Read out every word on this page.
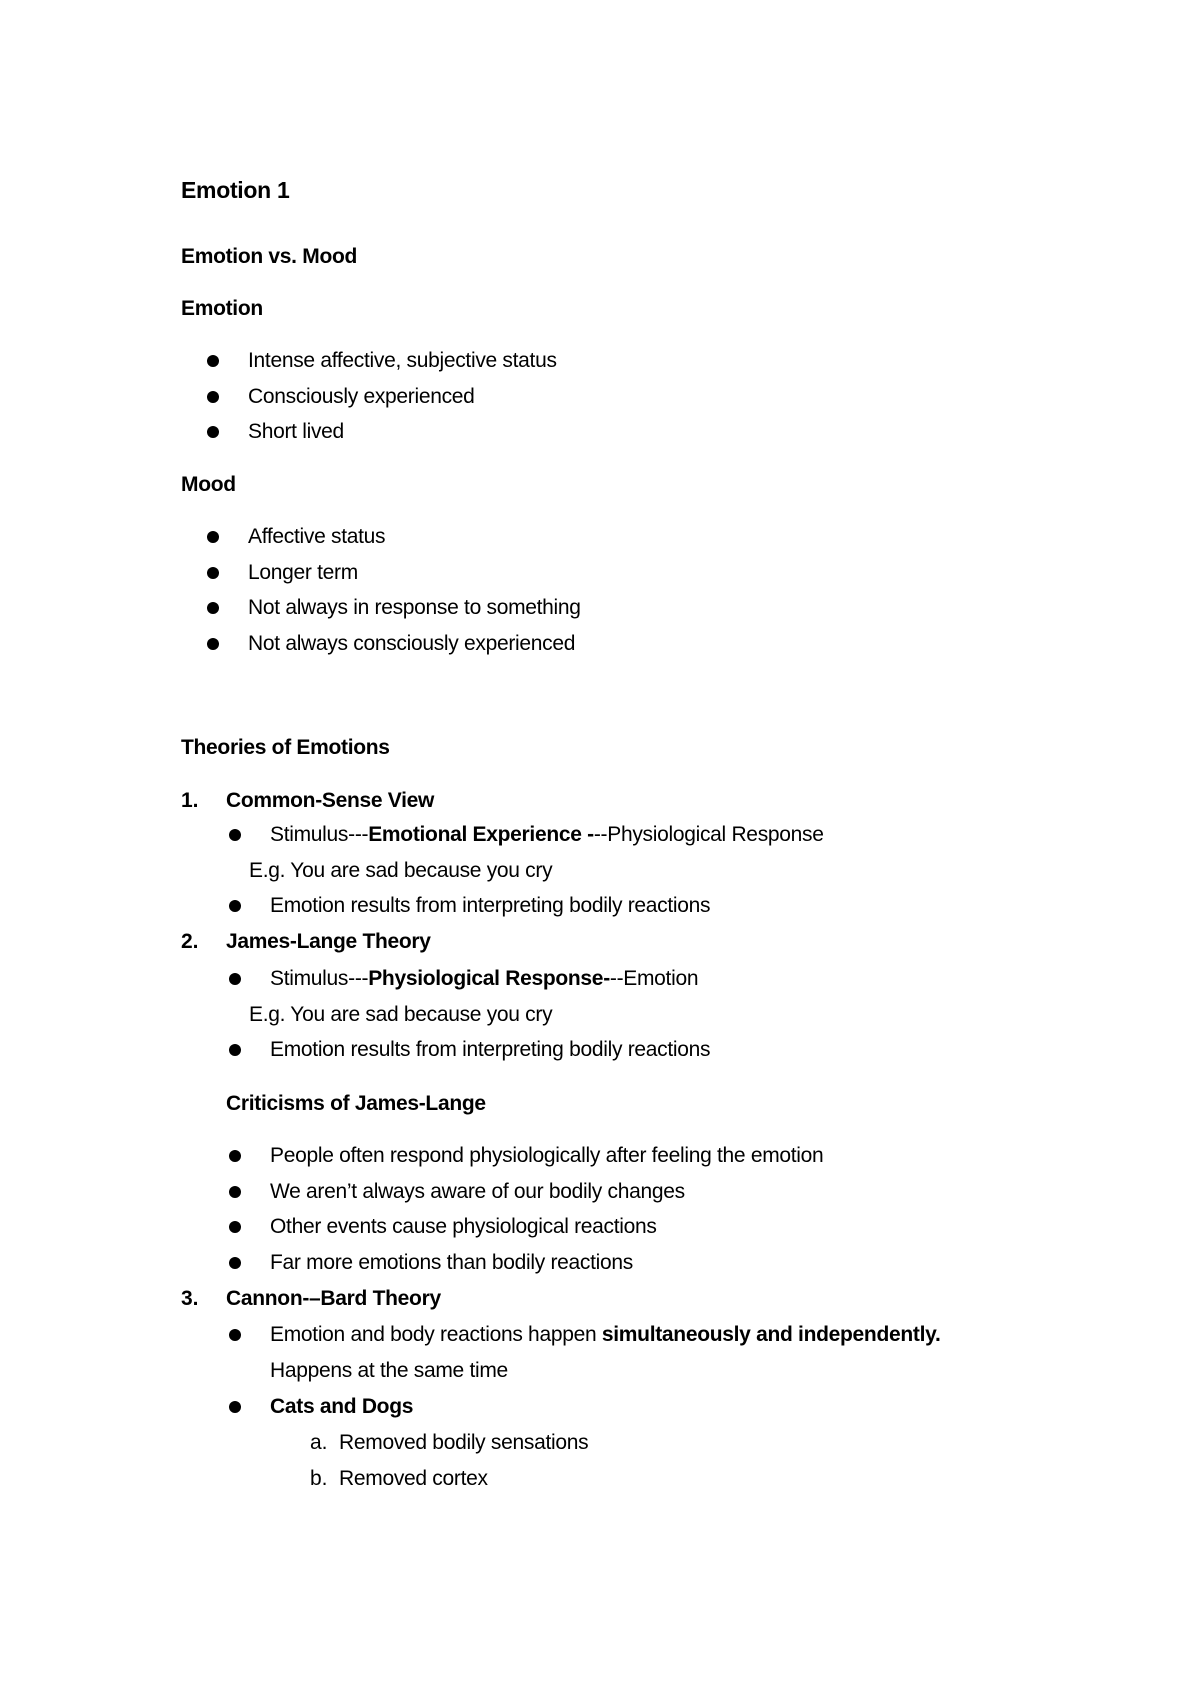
Emotion 1
Emotion vs. Mood
Emotion
Intense affective, subjective status
Consciously experienced
Short lived
Mood
Affective status
Longer term
Not always in response to something
Not always consciously experienced
Theories of Emotions
1. Common-Sense View
Stimulus---Emotional Experience ---Physiological Response
E.g. You are sad because you cry
Emotion results from interpreting bodily reactions
2. James-Lange Theory
Stimulus---Physiological Response---Emotion
E.g. You are sad because you cry
Emotion results from interpreting bodily reactions
Criticisms of James-Lange
People often respond physiologically after feeling the emotion
We aren’t always aware of our bodily changes
Other events cause physiological reactions
Far more emotions than bodily reactions
3. Cannon-–Bard Theory
Emotion and body reactions happen simultaneously and independently.
Happens at the same time
Cats and Dogs
a. Removed bodily sensations
b. Removed cortex
